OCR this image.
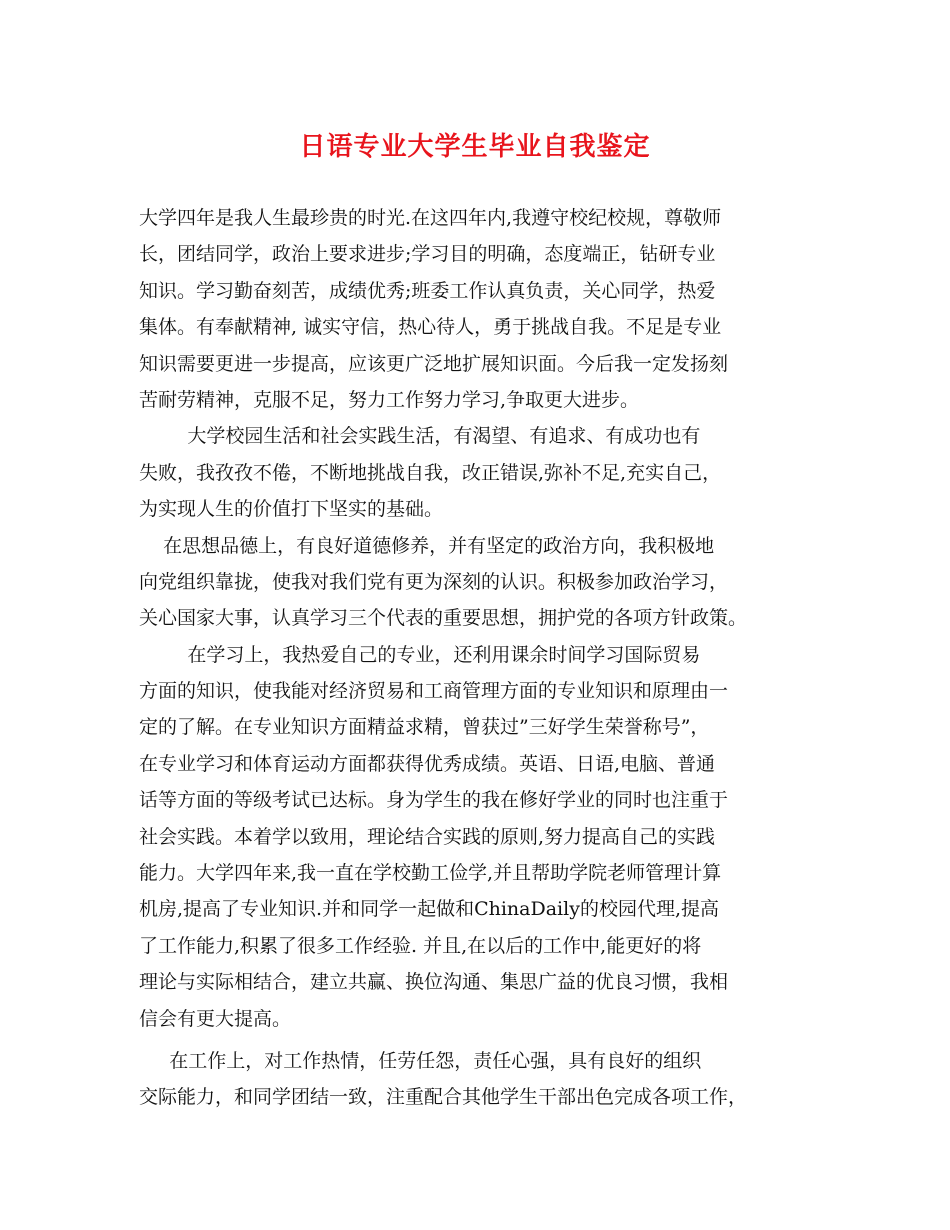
日语专业大学生毕业自我鉴定
大学四年是我人生最珍贵的时光.在这四年内,我遵守校纪校规，尊敬师
长，团结同学，政治上要求进步;学习目的明确，态度端正，钻研专业
知识。学习勤奋刻苦，成绩优秀;班委工作认真负责，关心同学，热爱
集体。有奉献精神, 诚实守信，热心待人，勇于挑战自我。不足是专业
知识需要更进一步提高，应该更广泛地扩展知识面。今后我一定发扬刻
苦耐劳精神，克服不足，努力工作努力学习,争取更大进步。
大学校园生活和社会实践生活，有渴望、有追求、有成功也有
失败，我孜孜不倦，不断地挑战自我，改正错误,弥补不足,充实自己，
为实现人生的价值打下坚实的基础。
在思想品德上，有良好道德修养，并有坚定的政治方向，我积极地
向党组织靠拢，使我对我们党有更为深刻的认识。积极参加政治学习，
关心国家大事，认真学习三个代表的重要思想，拥护党的各项方针政策。
在学习上，我热爱自己的专业，还利用课余时间学习国际贸易
方面的知识，使我能对经济贸易和工商管理方面的专业知识和原理由一
定的了解。在专业知识方面精益求精，曾获过”三好学生荣誉称号”，
在专业学习和体育运动方面都获得优秀成绩。英语、日语,电脑、普通
话等方面的等级考试已达标。身为学生的我在修好学业的同时也注重于
社会实践。本着学以致用，理论结合实践的原则,努力提高自己的实践
能力。大学四年来,我一直在学校勤工俭学,并且帮助学院老师管理计算
机房,提高了专业知识.并和同学一起做和ChinaDaily的校园代理,提高
了工作能力,积累了很多工作经验. 并且,在以后的工作中,能更好的将
理论与实际相结合，建立共赢、换位沟通、集思广益的优良习惯，我相
信会有更大提高。
在工作上，对工作热情，任劳任怨，责任心强，具有良好的组织
交际能力，和同学团结一致，注重配合其他学生干部出色完成各项工作，
